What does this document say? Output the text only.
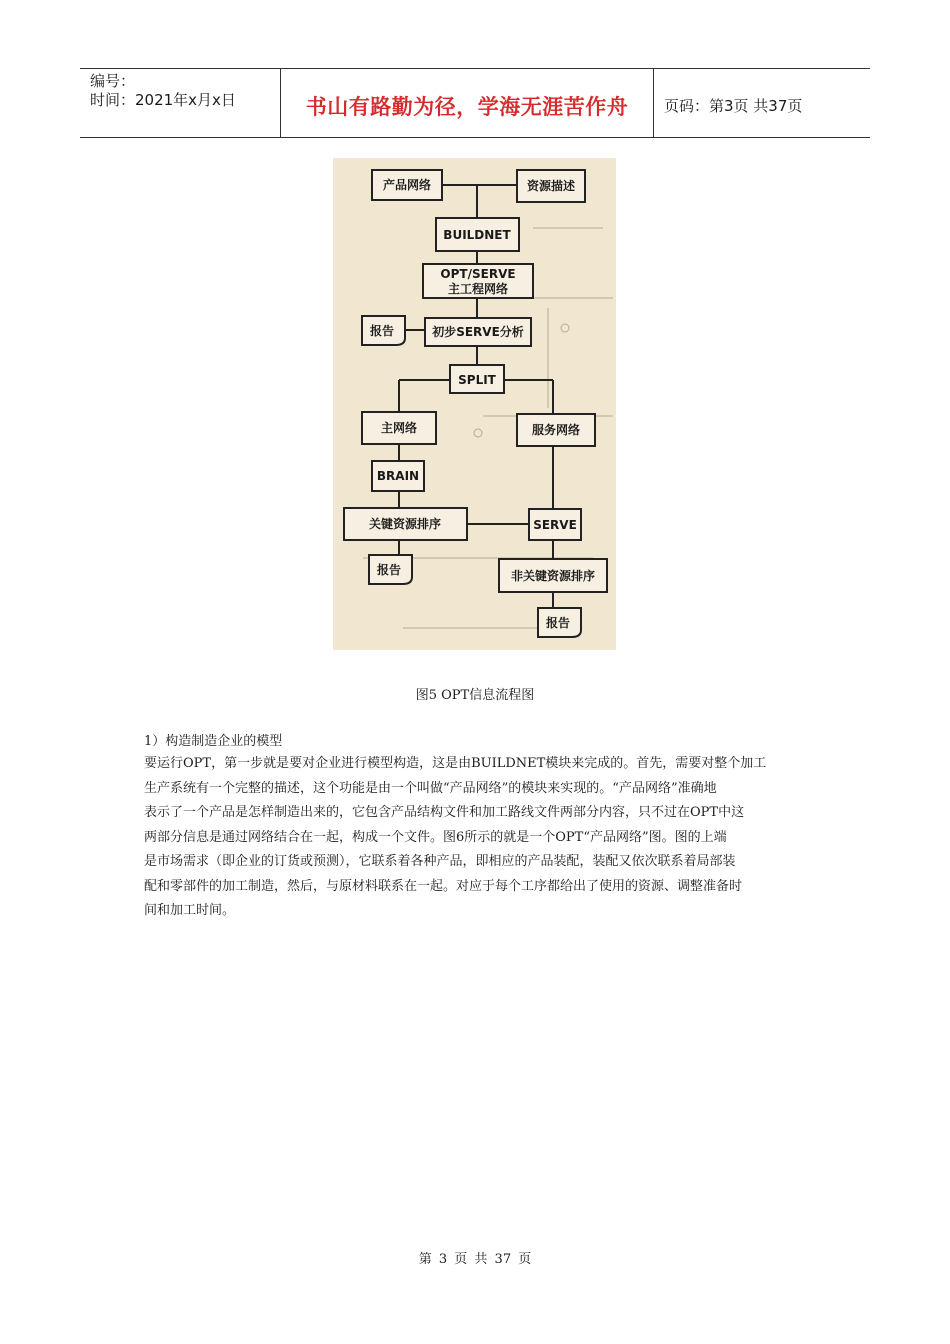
编号：
时间：2021年x月x日	书山有路勤为径，学海无涯苦作舟	页码：第3页 共37页
产品网络	资源描述
BUILDNET
OPT/SERVE
主工程网络
报告	初步SERVE分析
SPLIT
主网络	服务网络
BRAIN
关键资源排序	SERVE
报告	非关键资源排序
报告
图5 OPT信息流程图
1）构造制造企业的模型
要运行OPT，第一步就是要对企业进行模型构造，这是由BUILDNET模块来完成的。首先，需要对整个加工
生产系统有一个完整的描述，这个功能是由一个叫做“产品网络”的模块来实现的。“产品网络”准确地
表示了一个产品是怎样制造出来的，它包含产品结构文件和加工路线文件两部分内容，只不过在OPT中这
两部分信息是通过网络结合在一起，构成一个文件。图6所示的就是一个OPT“产品网络”图。图的上端
是市场需求（即企业的订货或预测），它联系着各种产品，即相应的产品装配，装配又依次联系着局部装
配和零部件的加工制造，然后，与原材料联系在一起。对应于每个工序都给出了使用的资源、调整准备时
间和加工时间。
第 3 页 共 37 页
